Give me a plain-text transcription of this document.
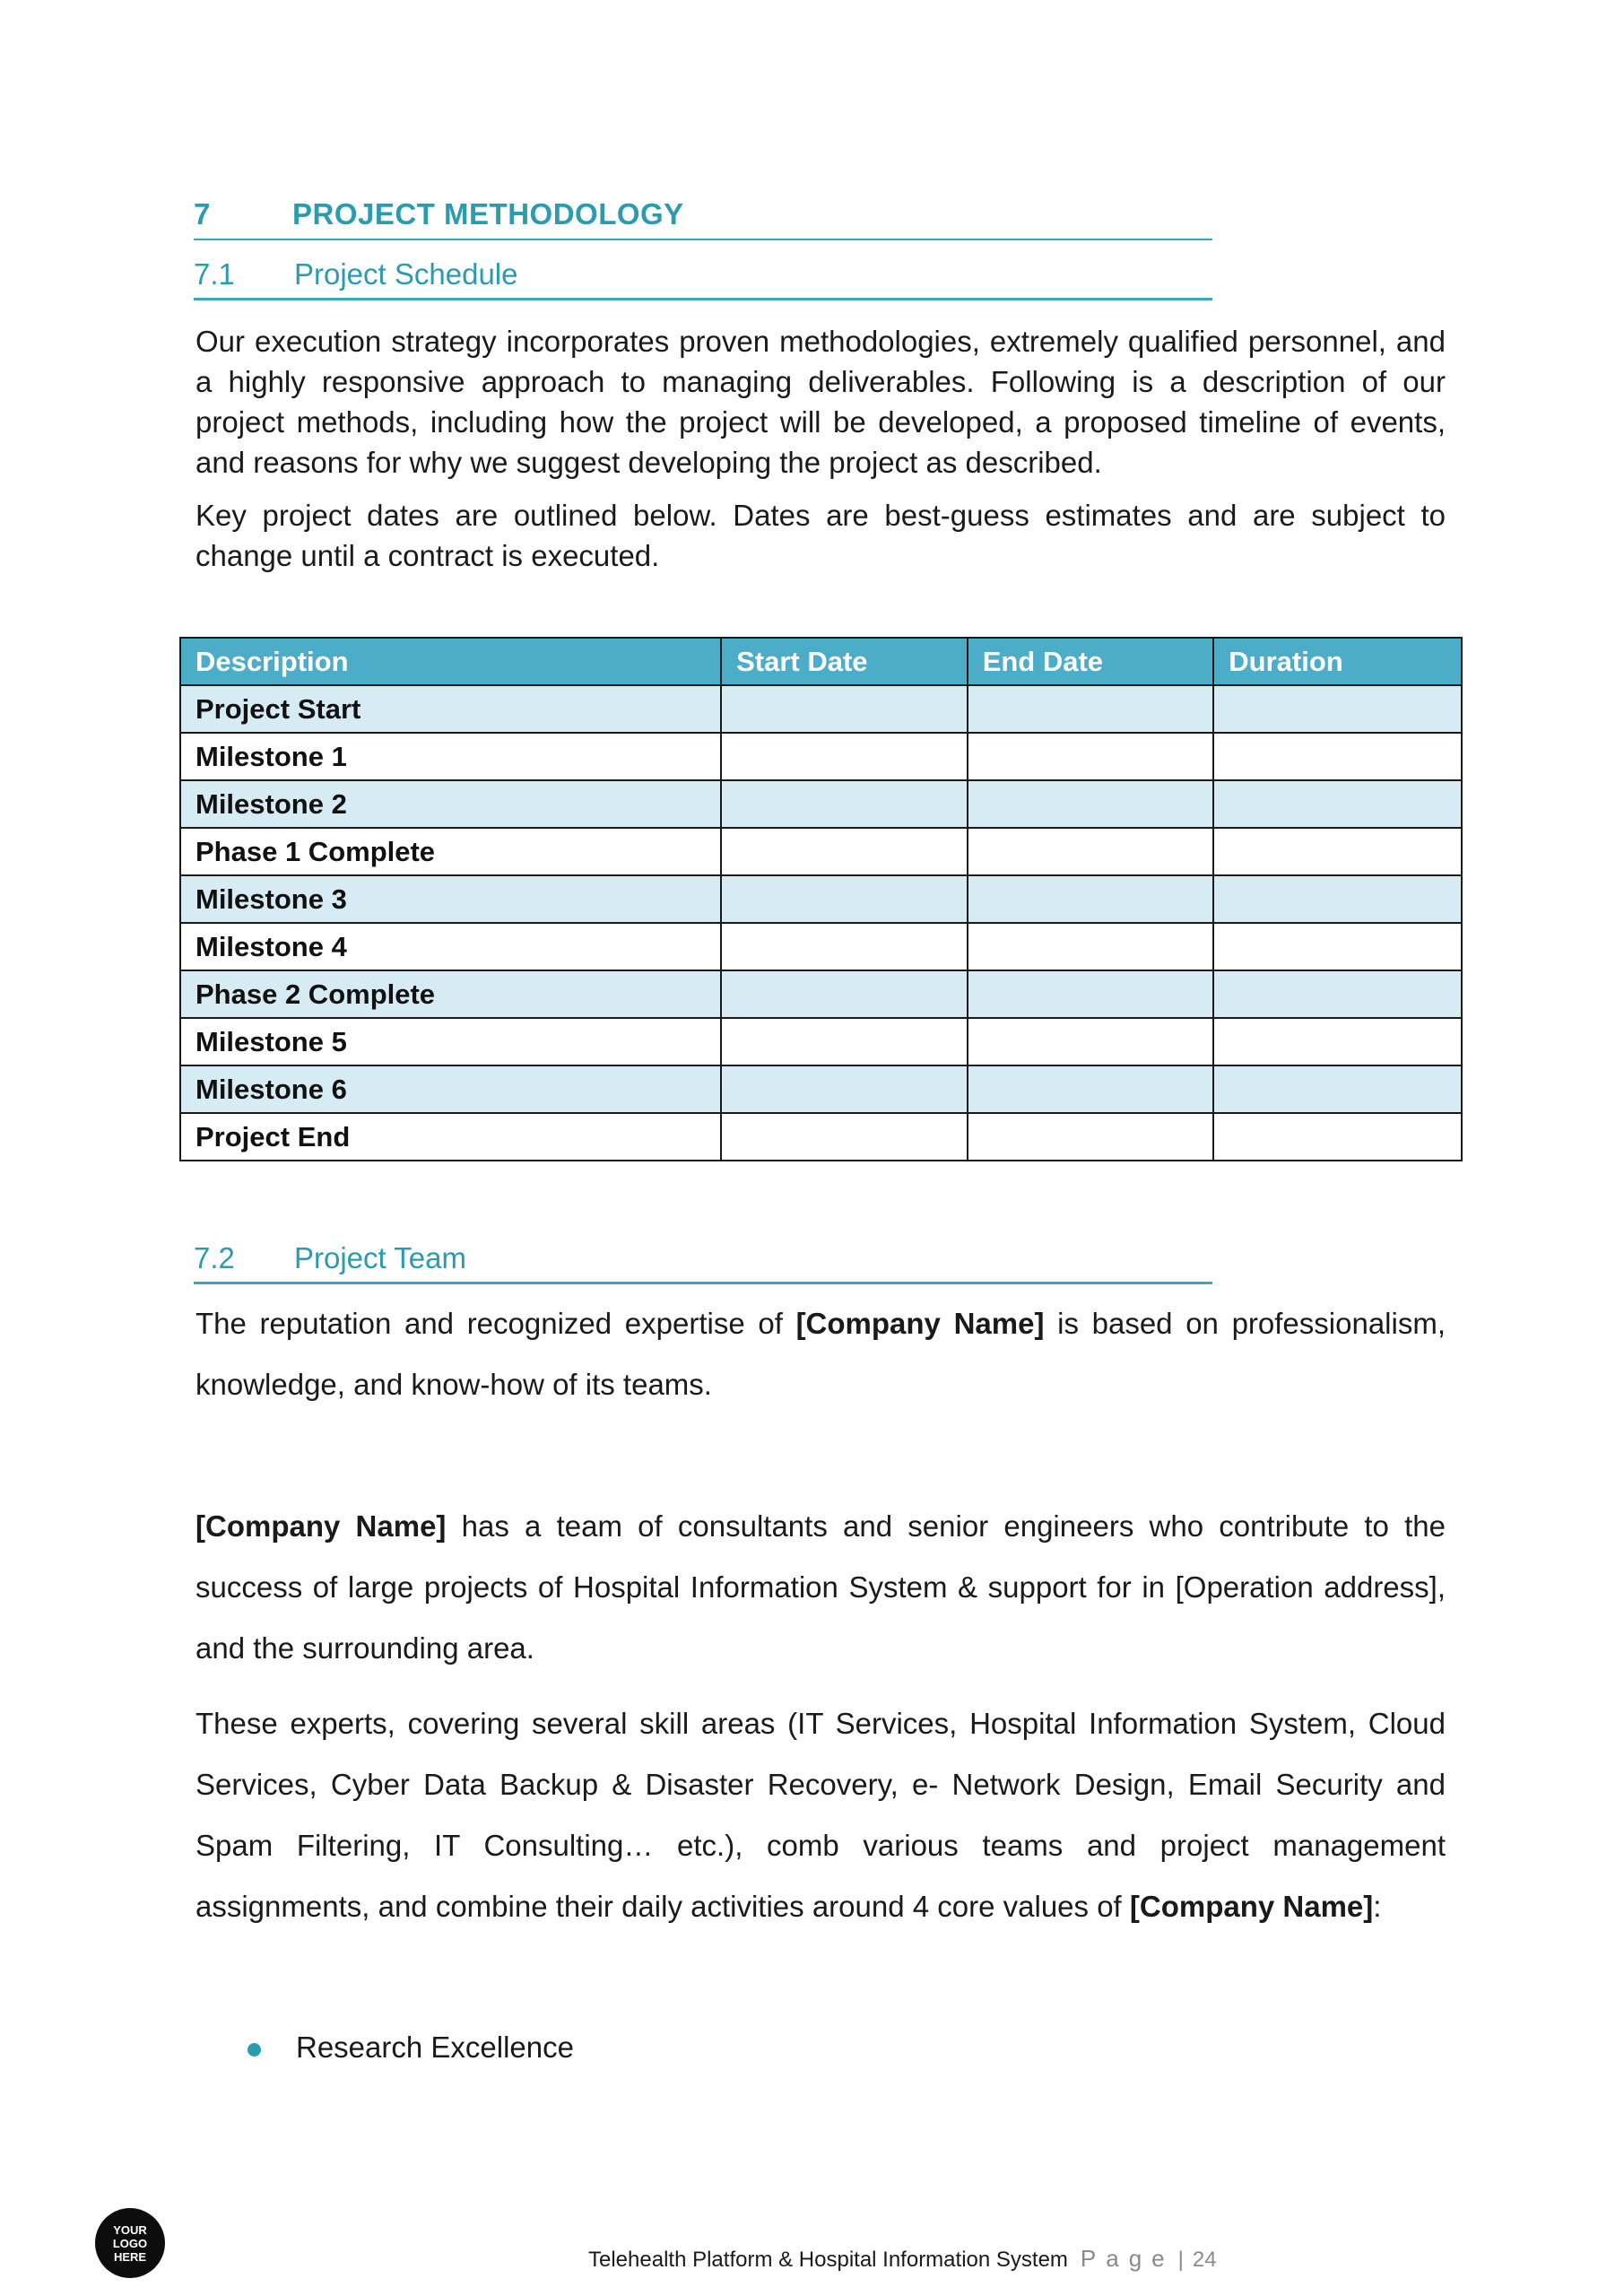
7	PROJECT METHODOLOGY
7.1 Project Schedule

Our execution strategy incorporates proven methodologies, extremely qualified personnel, and a highly responsive approach to managing deliverables. Following is a description of our project methods, including how the project will be developed, a proposed timeline of events, and reasons for why we suggest developing the project as described.

Key project dates are outlined below. Dates are best-guess estimates and are subject to change until a contract is executed.

Description	Start Date	End Date	Duration
Project Start			
Milestone 1			
Milestone 2			
Phase 1 Complete			
Milestone 3			
Milestone 4			
Phase 2 Complete			
Milestone 5			
Milestone 6			
Project End			
7.2 Project Team

The reputation and recognized expertise of [Company Name] is based on professionalism, knowledge, and know-how of its teams.

[Company Name] has a team of consultants and senior engineers who contribute to the success of large projects of Hospital Information System & support for in [Operation address], and the surrounding area.

These experts, covering several skill areas (IT Services, Hospital Information System, Cloud Services, Cyber Data Backup & Disaster Recovery, e- Network Design, Email Security and Spam Filtering, IT Consulting… etc.), comb various teams and project management assignments, and combine their daily activities around 4 core values of [Company Name]:

Research Excellence
YOUR
LOGO
HERE	Telehealth Platform & Hospital Information System Page | 24
